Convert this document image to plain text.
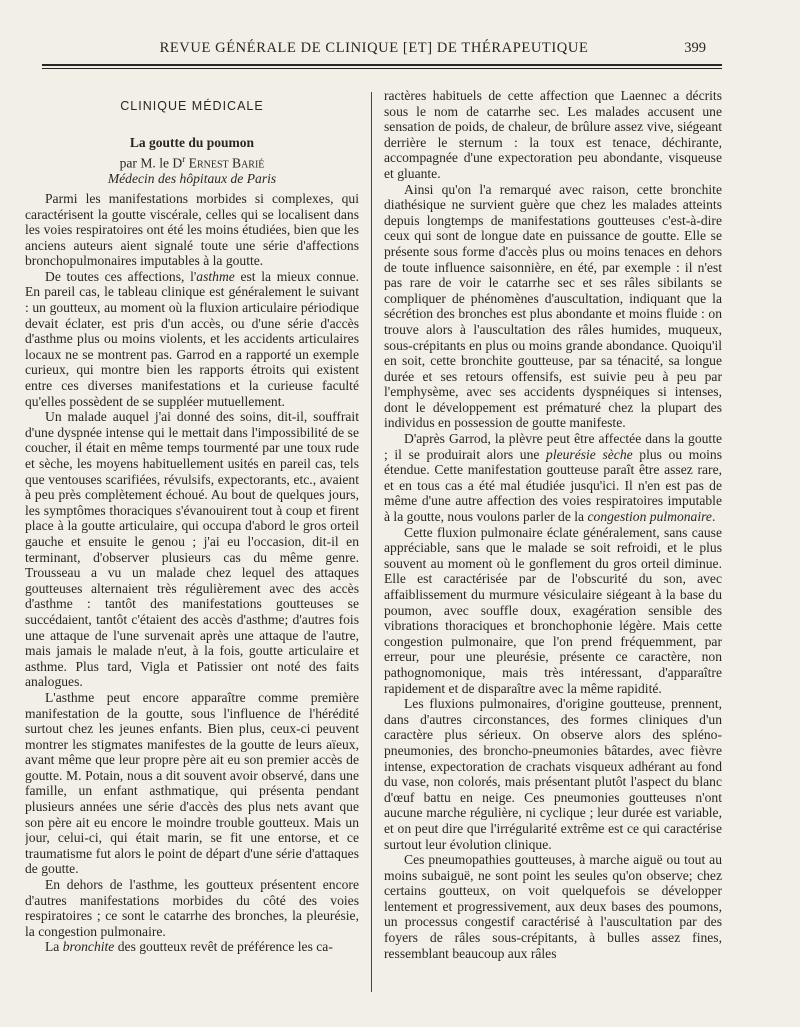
REVUE GÉNÉRALE DE CLINIQUE [ET] DE THÉRAPEUTIQUE	399
CLINIQUE MÉDICALE
La goutte du poumon
par M. le $D^r$ Ernest Barié
Médecin des hôpitaux de Paris

Parmi les manifestations morbides si complexes, qui caractérisent la goutte viscérale, celles qui se localisent dans les voies respiratoires ont été les moins étudiées, bien que les anciens auteurs aient signalé toute une série d'affections bronchopulmonaires imputables à la goutte.

De toutes ces affections, l'asthme est la mieux connue. En pareil cas, le tableau clinique est généralement le suivant : un goutteux, au moment où la fluxion articulaire périodique devait éclater, est pris d'un accès, ou d'une série d'accès d'asthme plus ou moins violents, et les accidents articulaires locaux ne se montrent pas. Garrod en a rapporté un exemple curieux, qui montre bien les rapports étroits qui existent entre ces diverses manifestations et la curieuse faculté qu'elles possèdent de se suppléer mutuellement.

Un malade auquel j'ai donné des soins, dit-il, souffrait d'une dyspnée intense qui le mettait dans l'impossibilité de se coucher, il était en même temps tourmenté par une toux rude et sèche, les moyens habituellement usités en pareil cas, tels que ventouses scarifiées, révulsifs, expectorants, etc., avaient à peu près complètement échoué. Au bout de quelques jours, les symptômes thoraciques s'évanouirent tout à coup et firent place à la goutte articulaire, qui occupa d'abord le gros orteil gauche et ensuite le genou ; j'ai eu l'occasion, dit-il en terminant, d'observer plusieurs cas du même genre. Trousseau a vu un malade chez lequel des attaques goutteuses alternaient très régulièrement avec des accès d'asthme : tantôt des manifestations goutteuses se succédaient, tantôt c'étaient des accès d'asthme; d'autres fois une attaque de l'une survenait après une attaque de l'autre, mais jamais le malade n'eut, à la fois, goutte articulaire et asthme. Plus tard, Vigla et Patissier ont noté des faits analogues.

L'asthme peut encore apparaître comme première manifestation de la goutte, sous l'influence de l'hérédité surtout chez les jeunes enfants. Bien plus, ceux-ci peuvent montrer les stigmates manifestes de la goutte de leurs aïeux, avant même que leur propre père ait eu son premier accès de goutte. M. Potain, nous a dit souvent avoir observé, dans une famille, un enfant asthmatique, qui présenta pendant plusieurs années une série d'accès des plus nets avant que son père ait eu encore le moindre trouble goutteux. Mais un jour, celui-ci, qui était marin, se fit une entorse, et ce traumatisme fut alors le point de départ d'une série d'attaques de goutte.

En dehors de l'asthme, les goutteux présentent encore d'autres manifestations morbides du côté des voies respiratoires ; ce sont le catarrhe des bronches, la pleurésie, la congestion pulmonaire.

La bronchite des goutteux revêt de préférence les ca-

ractères habituels de cette affection que Laennec a décrits sous le nom de catarrhe sec. Les malades accusent une sensation de poids, de chaleur, de brûlure assez vive, siégeant derrière le sternum : la toux est tenace, déchirante, accompagnée d'une expectoration peu abondante, visqueuse et gluante.

Ainsi qu'on l'a remarqué avec raison, cette bronchite diathésique ne survient guère que chez les malades atteints depuis longtemps de manifestations goutteuses c'est-à-dire ceux qui sont de longue date en puissance de goutte. Elle se présente sous forme d'accès plus ou moins tenaces en dehors de toute influence saisonnière, en été, par exemple : il n'est pas rare de voir le catarrhe sec et ses râles sibilants se compliquer de phénomènes d'auscultation, indiquant que la sécrétion des bronches est plus abondante et moins fluide : on trouve alors à l'auscultation des râles humides, muqueux, sous-crépitants en plus ou moins grande abondance. Quoiqu'il en soit, cette bronchite goutteuse, par sa ténacité, sa longue durée et ses retours offensifs, est suivie peu à peu par l'emphysème, avec ses accidents dyspnéiques si intenses, dont le développement est prématuré chez la plupart des individus en possession de goutte manifeste.

D'après Garrod, la plèvre peut être affectée dans la goutte ; il se produirait alors une pleurésie sèche plus ou moins étendue. Cette manifestation goutteuse paraît être assez rare, et en tous cas a été mal étudiée jusqu'ici. Il n'en est pas de même d'une autre affection des voies respiratoires imputable à la goutte, nous voulons parler de la congestion pulmonaire.

Cette fluxion pulmonaire éclate généralement, sans cause appréciable, sans que le malade se soit refroidi, et le plus souvent au moment où le gonflement du gros orteil diminue. Elle est caractérisée par de l'obscurité du son, avec affaiblissement du murmure vésiculaire siégeant à la base du poumon, avec souffle doux, exagération sensible des vibrations thoraciques et bronchophonie légère. Mais cette congestion pulmonaire, que l'on prend fréquemment, par erreur, pour une pleurésie, présente ce caractère, non pathognomonique, mais très intéressant, d'apparaître rapidement et de disparaître avec la même rapidité.

Les fluxions pulmonaires, d'origine goutteuse, prennent, dans d'autres circonstances, des formes cliniques d'un caractère plus sérieux. On observe alors des spléno-pneumonies, des broncho-pneumonies bâtardes, avec fièvre intense, expectoration de crachats visqueux adhérant au fond du vase, non colorés, mais présentant plutôt l'aspect du blanc d'œuf battu en neige. Ces pneumonies goutteuses n'ont aucune marche régulière, ni cyclique ; leur durée est variable, et on peut dire que l'irrégularité extrême est ce qui caractérise surtout leur évolution clinique.

Ces pneumopathies goutteuses, à marche aiguë ou tout au moins subaiguë, ne sont point les seules qu'on observe; chez certains goutteux, on voit quelquefois se développer lentement et progressivement, aux deux bases des poumons, un processus congestif caractérisé à l'auscultation par des foyers de râles sous-crépitants, à bulles assez fines, ressemblant beaucoup aux râles
